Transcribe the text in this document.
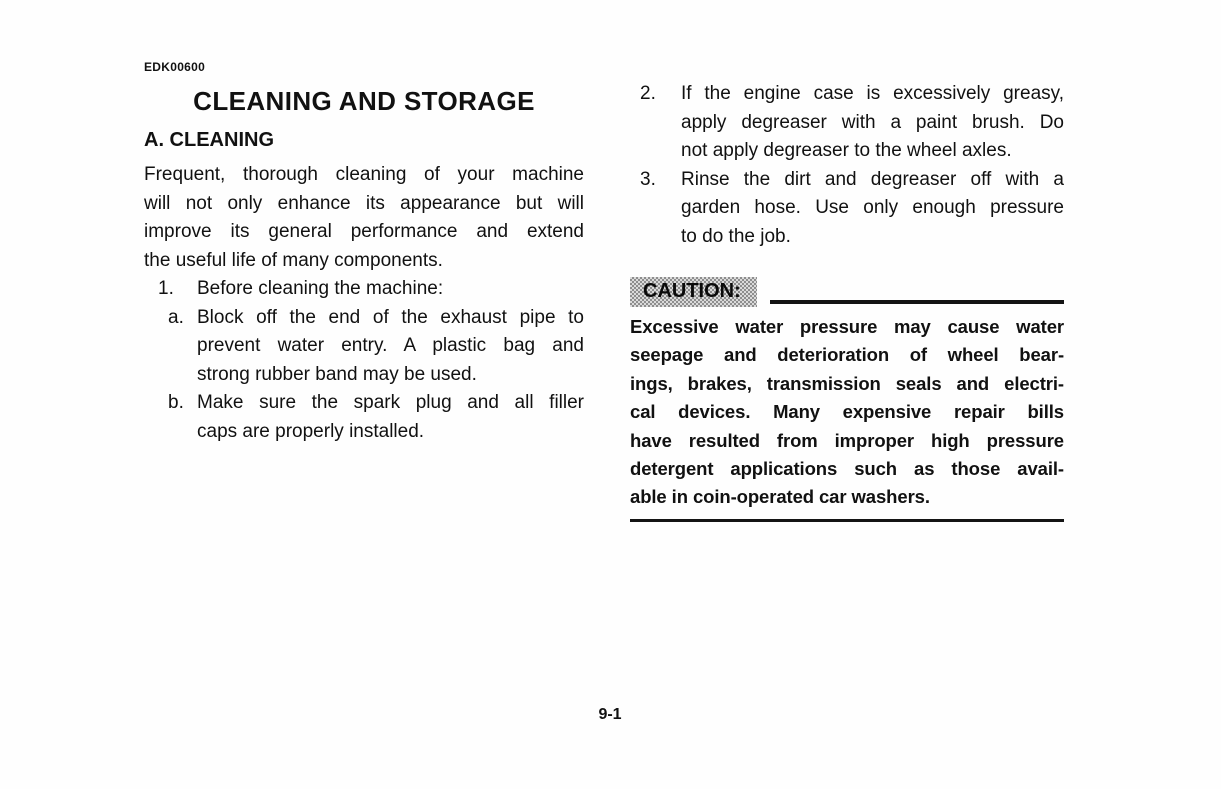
EDK00600
CLEANING AND STORAGE
A. CLEANING
Frequent, thorough cleaning of your machine
will not only enhance its appearance but will
improve its general performance and extend
the useful life of many components.
1.	Before cleaning the machine:
a. Block off the end of the exhaust pipe to
prevent water entry. A plastic bag and
strong rubber band may be used.
b. Make sure the spark plug and all filler
caps are properly installed.
2.	If the engine case is excessively greasy,
apply degreaser with a paint brush. Do
not apply degreaser to the wheel axles.
3.	Rinse the dirt and degreaser off with a
garden hose. Use only enough pressure
to do the job.
CAUTION:
Excessive water pressure may cause water
seepage and deterioration of wheel bear-
ings, brakes, transmission seals and electri-
cal devices. Many expensive repair bills
have resulted from improper high pressure
detergent applications such as those avail-
able in coin-operated car washers.
9-1
